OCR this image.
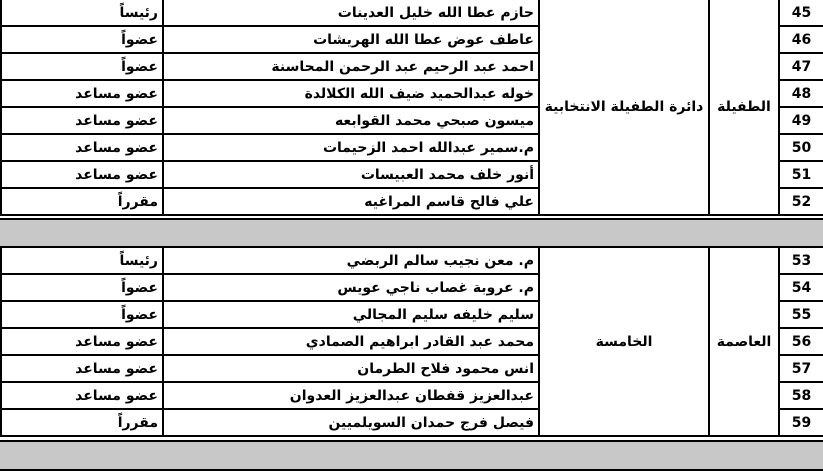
45	الطفيلة	دائرة الطفيلة الانتخابية	حازم عطا الله خليل العدينات	رئيساً
46			عاطف عوض عطا الله الهريشات	عضواً
47			احمد عبد الرحيم عبد الرحمن المحاسنة	عضواً
48			خوله عبدالحميد ضيف الله الكلالدة	عضو مساعد
49			ميسون صبحي محمد القوابعه	عضو مساعد
50			م.سمير عبدالله احمد الزحيمات	عضو مساعد
51			أنور خلف محمد العبيسات	عضو مساعد
52			علي فالح قاسم المراغيه	مقرراً
53	العاصمة	الخامسة	م. معن نجيب سالم الربضي	رئيساً
54			م. عروبة غصاب ناجي عويس	عضواً
55			سليم خليفه سليم المجالي	عضواً
56			محمد عبد القادر ابراهيم الصمادي	عضو مساعد
57			انس محمود فلاح الطرمان	عضو مساعد
58			عبدالعزيز قفطان عبدالعزيز العدوان	عضو مساعد
59			فيصل فرج حمدان السويلميين	مقرراً
